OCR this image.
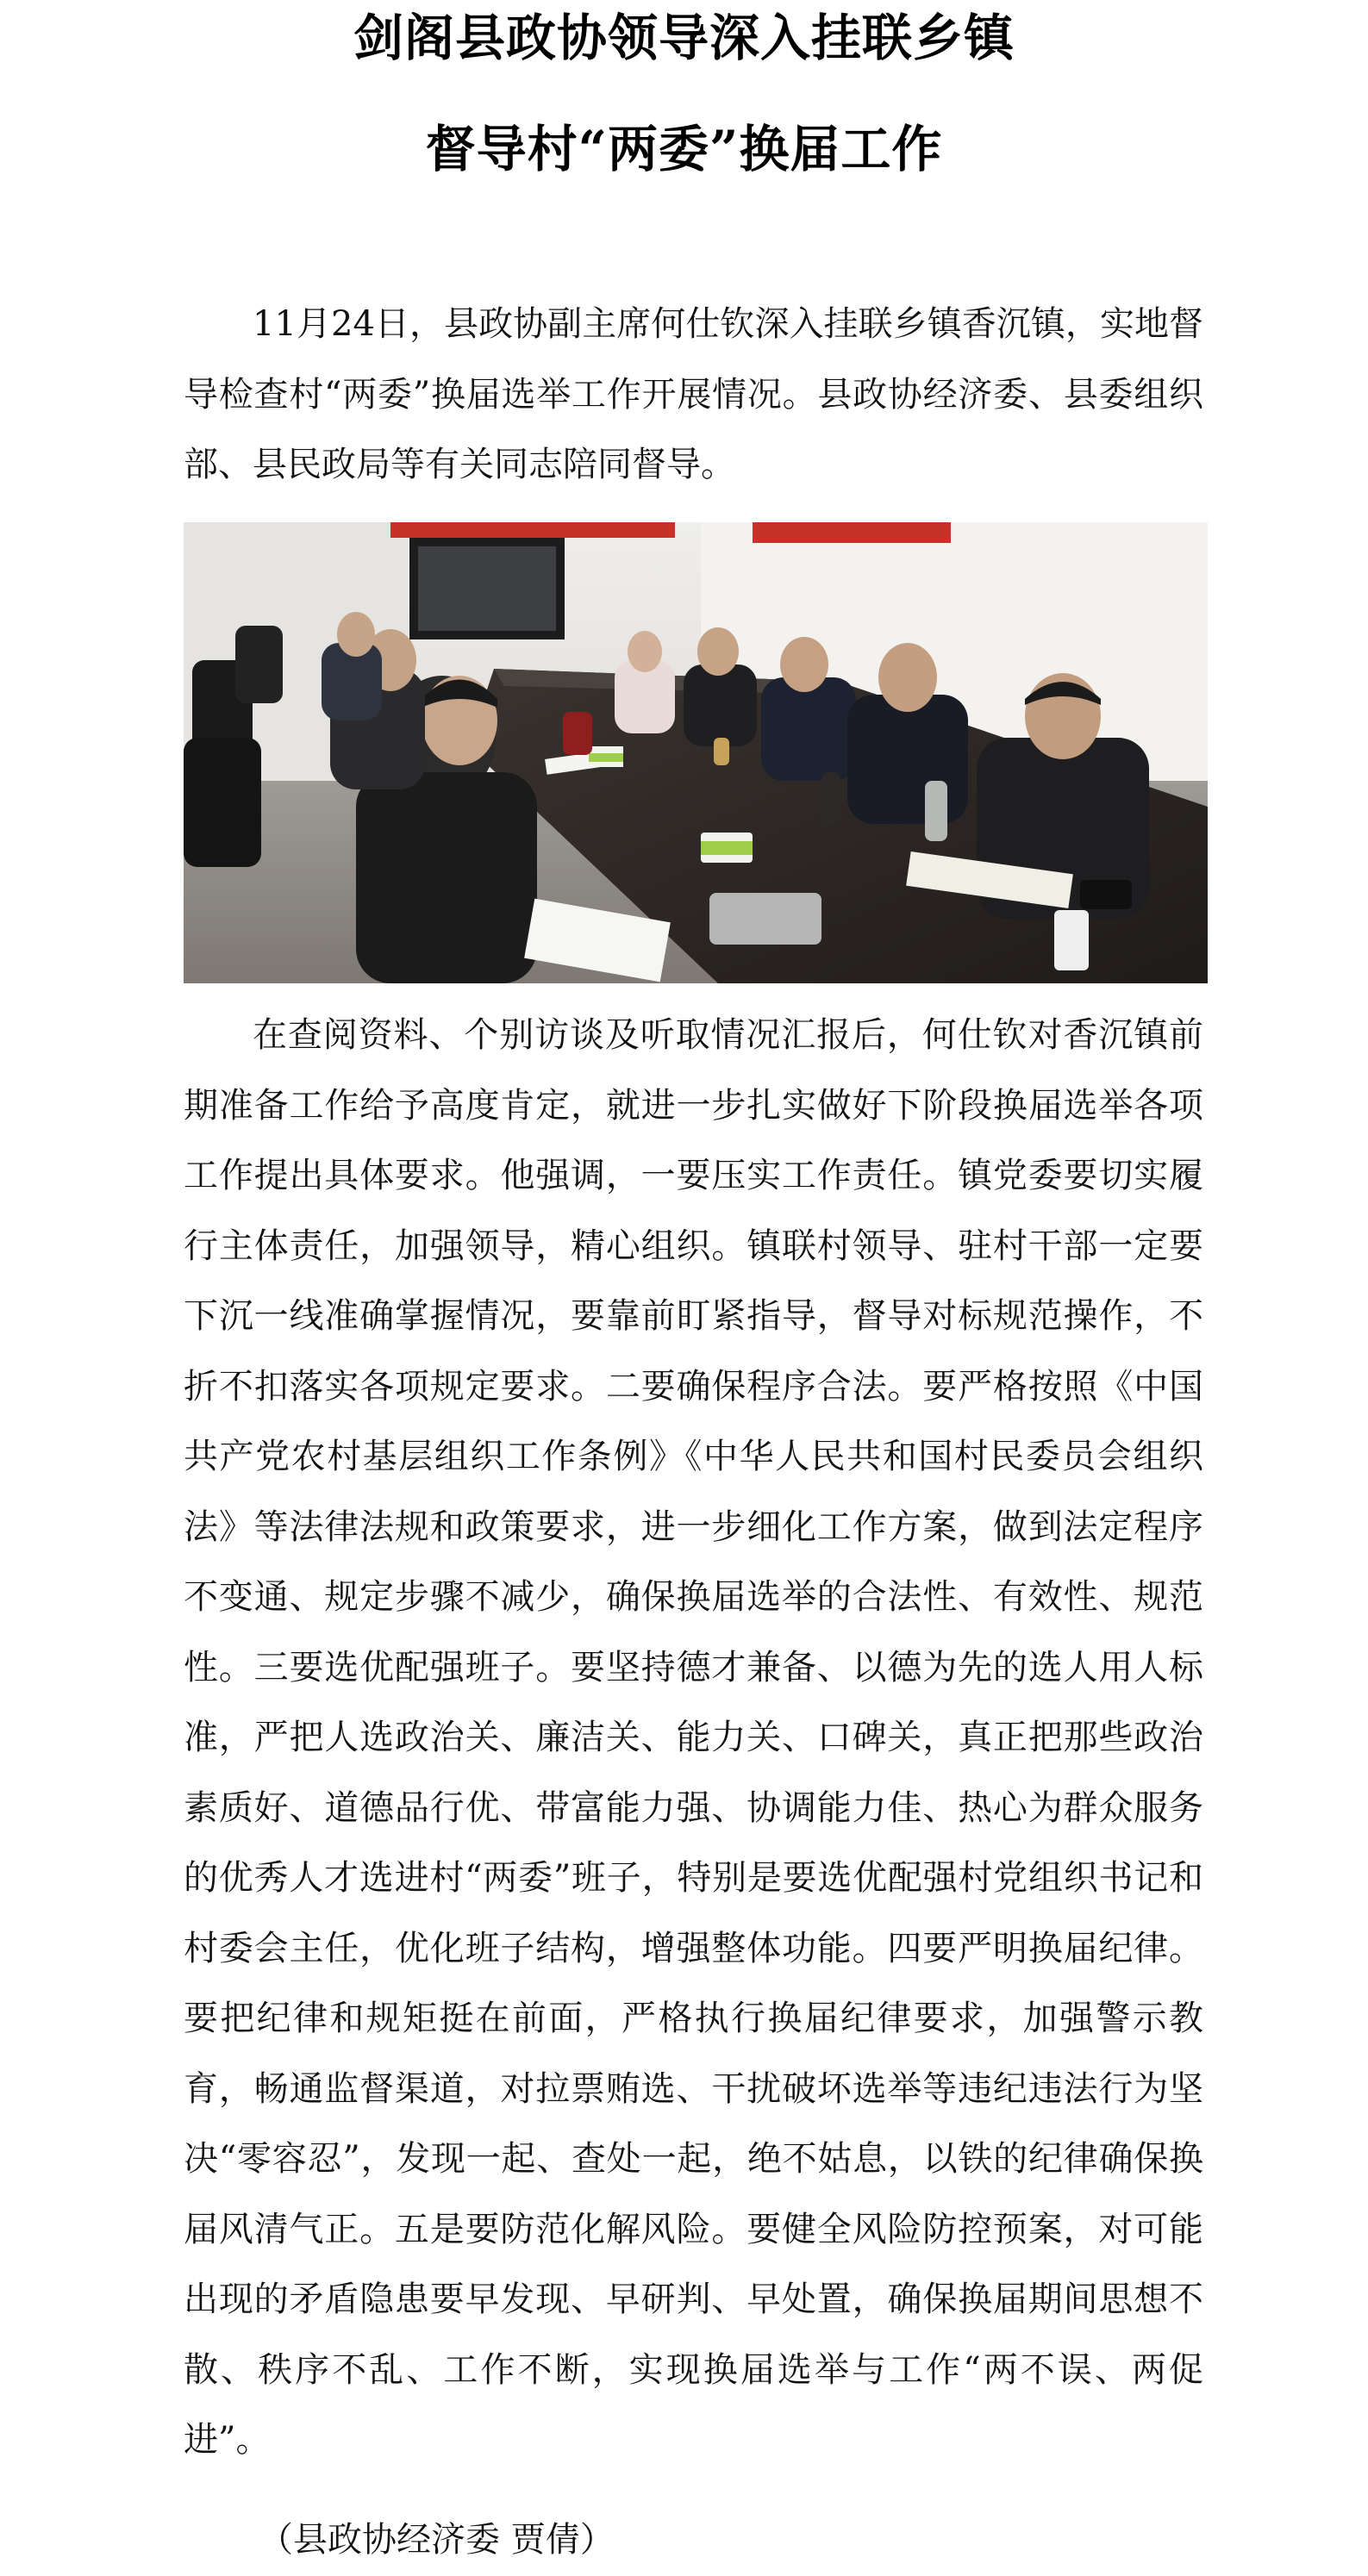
剑阁县政协领导深入挂联乡镇
督导村“两委”换届工作

11月24日，县政协副主席何仕钦深入挂联乡镇香沉镇，实地督导检查村“两委”换届选举工作开展情况。县政协经济委、县委组织部、县民政局等有关同志陪同督导。

在查阅资料、个别访谈及听取情况汇报后，何仕钦对香沉镇前期准备工作给予高度肯定，就进一步扎实做好下阶段换届选举各项工作提出具体要求。他强调，一要压实工作责任。镇党委要切实履行主体责任，加强领导，精心组织。镇联村领导、驻村干部一定要下沉一线准确掌握情况，要靠前盯紧指导，督导对标规范操作，不折不扣落实各项规定要求。二要确保程序合法。要严格按照《中国共产党农村基层组织工作条例》《中华人民共和国村民委员会组织法》等法律法规和政策要求，进一步细化工作方案，做到法定程序不变通、规定步骤不减少，确保换届选举的合法性、有效性、规范性。三要选优配强班子。要坚持德才兼备、以德为先的选人用人标准，严把人选政治关、廉洁关、能力关、口碑关，真正把那些政治素质好、道德品行优、带富能力强、协调能力佳、热心为群众服务的优秀人才选进村“两委”班子，特别是要选优配强村党组织书记和村委会主任，优化班子结构，增强整体功能。四要严明换届纪律。要把纪律和规矩挺在前面，严格执行换届纪律要求，加强警示教育，畅通监督渠道，对拉票贿选、干扰破坏选举等违纪违法行为坚决“零容忍”，发现一起、查处一起，绝不姑息，以铁的纪律确保换届风清气正。五是要防范化解风险。要健全风险防控预案，对可能出现的矛盾隐患要早发现、早研判、早处置，确保换届期间思想不散、秩序不乱、工作不断，实现换届选举与工作“两不误、两促进”。

（县政协经济委 贾倩）
